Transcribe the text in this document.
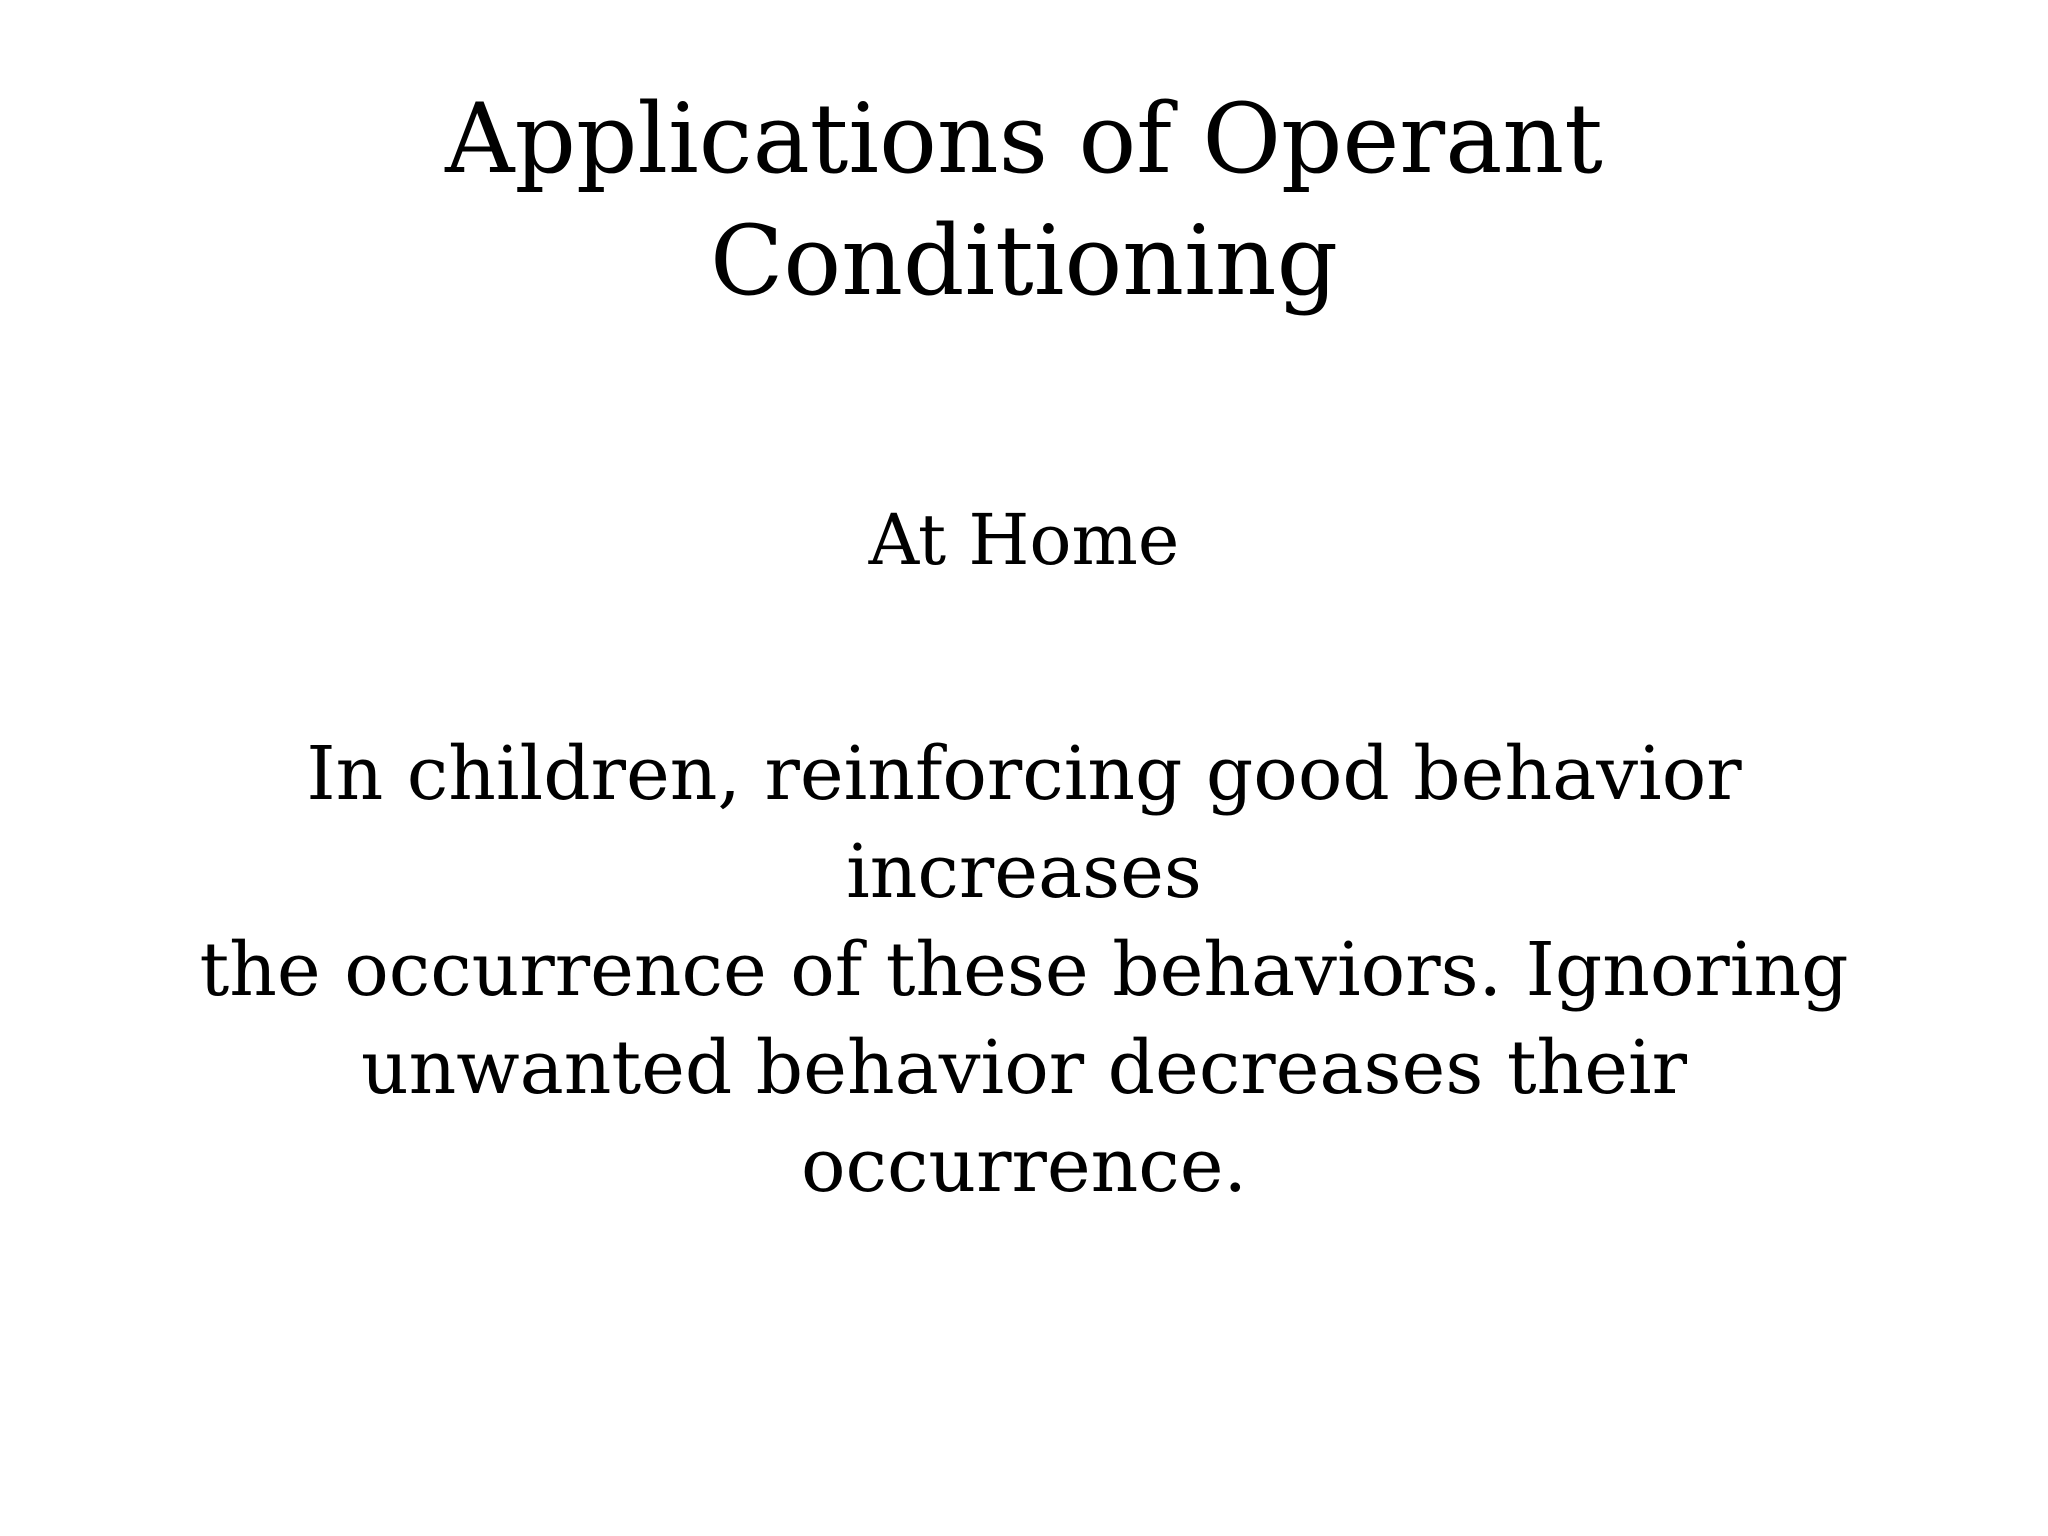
Applications of Operant
Conditioning
At Home

In children, reinforcing good behavior increases
the occurrence of these behaviors. Ignoring
unwanted behavior decreases their occurrence.
